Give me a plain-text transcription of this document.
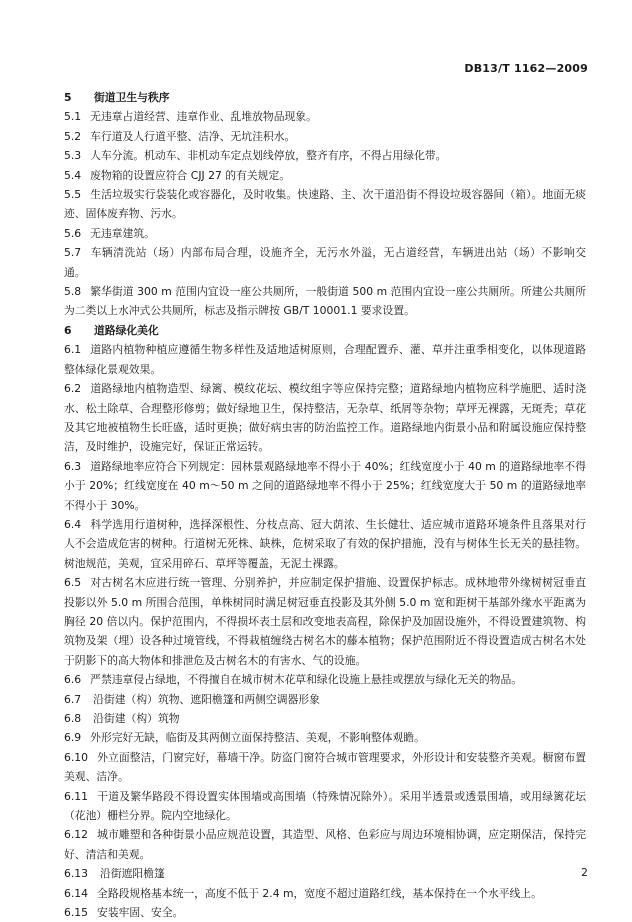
DB13/T 1162—2009

5 街道卫生与秩序

5.1 无违章占道经营、违章作业、乱堆放物品现象。

5.2 车行道及人行道平整、洁净、无坑洼积水。

5.3 人车分流。机动车、非机动车定点划线停放，整齐有序，不得占用绿化带。

5.4 废物箱的设置应符合 CJJ 27 的有关规定。

5.5 生活垃圾实行袋装化或容器化，及时收集。快速路、主、次干道沿街不得设垃圾容器间（箱）。地面无痰迹、固体废弃物、污水。

5.6 无违章建筑。

5.7 车辆清洗站（场）内部布局合理，设施齐全，无污水外溢，无占道经营，车辆进出站（场）不影响交通。

5.8 繁华街道 300 m 范围内宜设一座公共厕所，一般街道 500 m 范围内宜设一座公共厕所。所建公共厕所为二类以上水冲式公共厕所，标志及指示牌按 GB/T 10001.1 要求设置。

6 道路绿化美化

6.1 道路内植物种植应遵循生物多样性及适地适树原则，合理配置乔、灌、草并注重季相变化，以体现道路整体绿化景观效果。

6.2 道路绿地内植物造型、绿篱、模纹花坛、模纹组字等应保持完整；道路绿地内植物应科学施肥、适时浇水、松土除草、合理整形修剪；做好绿地卫生，保持整洁，无杂草、纸屑等杂物；草坪无裸露，无斑秃；草花及其它地被植物生长旺盛，适时更换；做好病虫害的防治监控工作。道路绿地内街景小品和附属设施应保持整洁，及时维护，设施完好，保证正常运转。

6.3 道路绿地率应符合下列规定：园林景观路绿地率不得小于 40%；红线宽度小于 40 m 的道路绿地率不得小于 20%；红线宽度在 40 m～50 m 之间的道路绿地率不得小于 25%；红线宽度大于 50 m 的道路绿地率不得小于 30%。

6.4 科学选用行道树种，选择深根性、分枝点高、冠大荫浓、生长健壮、适应城市道路环境条件且落果对行人不会造成危害的树种。行道树无死株、缺株，危树采取了有效的保护措施，没有与树体生长无关的悬挂物。树池规范，美观，宜采用碎石、草坪等覆盖，无泥土裸露。

6.5 对古树名木应进行统一管理、分别养护，并应制定保护措施、设置保护标志。成林地带外缘树树冠垂直投影以外 5.0 m 所围合范围，单株树同时满足树冠垂直投影及其外侧 5.0 m 宽和距树干基部外缘水平距离为胸径 20 倍以内。保护范围内，不得损坏表土层和改变地表高程，除保护及加固设施外，不得设置建筑物、构筑物及架（埋）设各种过境管线，不得栽植缠绕古树名木的藤本植物；保护范围附近不得设置造成古树名木处于阴影下的高大物体和排泄危及古树名木的有害水、气的设施。

6.6 严禁违章侵占绿地，不得擅自在城市树木花草和绿化设施上悬挂或摆放与绿化无关的物品。

6.7 沿街建（构）筑物、遮阳檐篷和两侧空调器形象

6.8 沿街建（构）筑物

6.9 外形完好无缺，临街及其两侧立面保持整洁、美观，不影响整体观瞻。

6.10 外立面整洁，门窗完好，幕墙干净。防盗门窗符合城市管理要求，外形设计和安装整齐美观。橱窗布置美观、洁净。

6.11 干道及繁华路段不得设置实体围墙或高围墙（特殊情况除外）。采用半透景或透景围墙，或用绿篱花坛（花池）栅栏分界。院内空地绿化。

6.12 城市雕塑和各种街景小品应规范设置，其造型、风格、色彩应与周边环境相协调，应定期保洁，保持完好、清洁和美观。

6.13 沿街遮阳檐篷

6.14 全路段规格基本统一，高度不低于 2.4 m，宽度不超过道路红线，基本保持在一个水平线上。

6.15 安装牢固、安全。

2
